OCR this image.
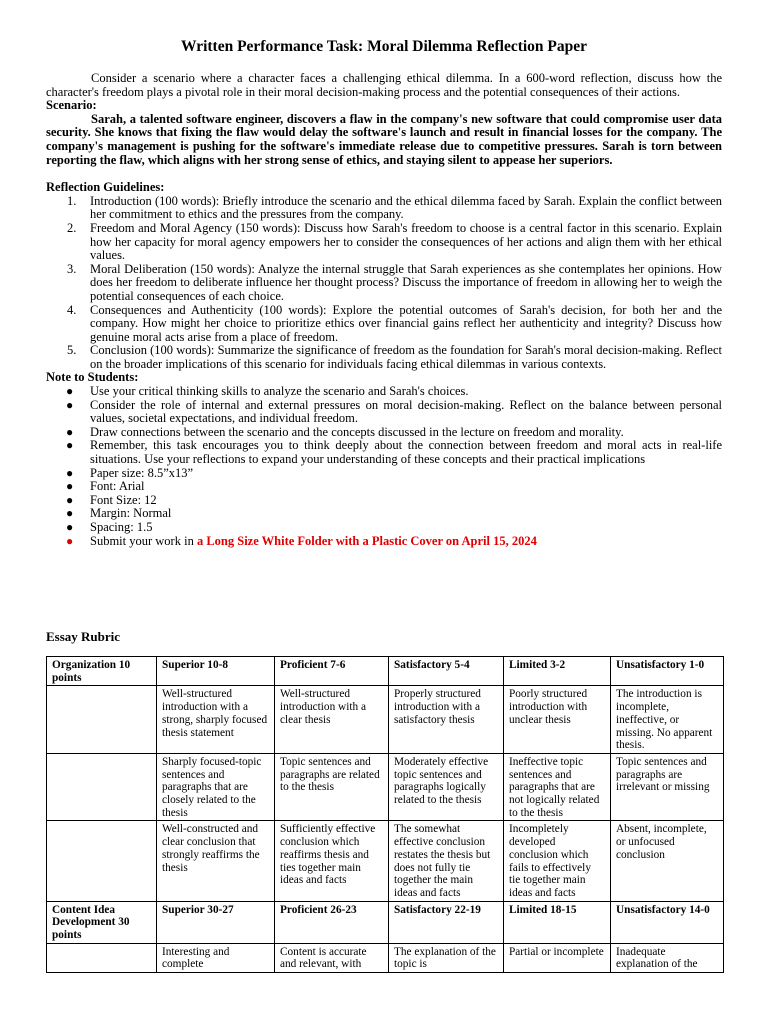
Written Performance Task: Moral Dilemma Reflection Paper

Consider a scenario where a character faces a challenging ethical dilemma. In a 600-word reflection, discuss how the character's freedom plays a pivotal role in their moral decision-making process and the potential consequences of their actions.

Scenario:

Sarah, a talented software engineer, discovers a flaw in the company's new software that could compromise user data security. She knows that fixing the flaw would delay the software's launch and result in financial losses for the company. The company's management is pushing for the software's immediate release due to competitive pressures. Sarah is torn between reporting the flaw, which aligns with her strong sense of ethics, and staying silent to appease her superiors.

Reflection Guidelines:

1. Introduction (100 words): Briefly introduce the scenario and the ethical dilemma faced by Sarah. Explain the conflict between her commitment to ethics and the pressures from the company.
2. Freedom and Moral Agency (150 words): Discuss how Sarah's freedom to choose is a central factor in this scenario. Explain how her capacity for moral agency empowers her to consider the consequences of her actions and align them with her ethical values.
3. Moral Deliberation (150 words): Analyze the internal struggle that Sarah experiences as she contemplates her opinions. How does her freedom to deliberate influence her thought process? Discuss the importance of freedom in allowing her to weigh the potential consequences of each choice.
4. Consequences and Authenticity (100 words): Explore the potential outcomes of Sarah's decision, for both her and the company. How might her choice to prioritize ethics over financial gains reflect her authenticity and integrity? Discuss how genuine moral acts arise from a place of freedom.
5. Conclusion (100 words): Summarize the significance of freedom as the foundation for Sarah's moral decision-making. Reflect on the broader implications of this scenario for individuals facing ethical dilemmas in various contexts.

Note to Students:

● Use your critical thinking skills to analyze the scenario and Sarah's choices.
● Consider the role of internal and external pressures on moral decision-making. Reflect on the balance between personal values, societal expectations, and individual freedom.
● Draw connections between the scenario and the concepts discussed in the lecture on freedom and morality.
● Remember, this task encourages you to think deeply about the connection between freedom and moral acts in real-life situations. Use your reflections to expand your understanding of these concepts and their practical implications
● Paper size: 8.5”x13”
● Font: Arial
● Font Size: 12
● Margin: Normal
● Spacing: 1.5
● Submit your work in a Long Size White Folder with a Plastic Cover on April 15, 2024
Essay Rubric
Organization 10 points	Superior 10-8	Proficient 7-6	Satisfactory 5-4	Limited 3-2	Unsatisfactory 1-0
	Well-structured introduction with a strong, sharply focused thesis statement	Well-structured introduction with a clear thesis	Properly structured introduction with a satisfactory thesis	Poorly structured introduction with unclear thesis	The introduction is incomplete, ineffective, or missing. No apparent thesis.
	Sharply focused-topic sentences and paragraphs that are closely related to the thesis	Topic sentences and paragraphs are related to the thesis	Moderately effective topic sentences and paragraphs logically related to the thesis	Ineffective topic sentences and paragraphs that are not logically related to the thesis	Topic sentences and paragraphs are irrelevant or missing
	Well-constructed and clear conclusion that strongly reaffirms the thesis	Sufficiently effective conclusion which reaffirms thesis and ties together main ideas and facts	The somewhat effective conclusion restates the thesis but does not fully tie together the main ideas and facts	Incompletely developed conclusion which fails to effectively tie together main ideas and facts	Absent, incomplete, or unfocused conclusion
Content Idea Development 30 points	Superior 30-27	Proficient 26-23	Satisfactory 22-19	Limited 18-15	Unsatisfactory 14-0
	Interesting and complete	Content is accurate and relevant, with	The explanation of the topic is	Partial or incomplete	Inadequate explanation of the
